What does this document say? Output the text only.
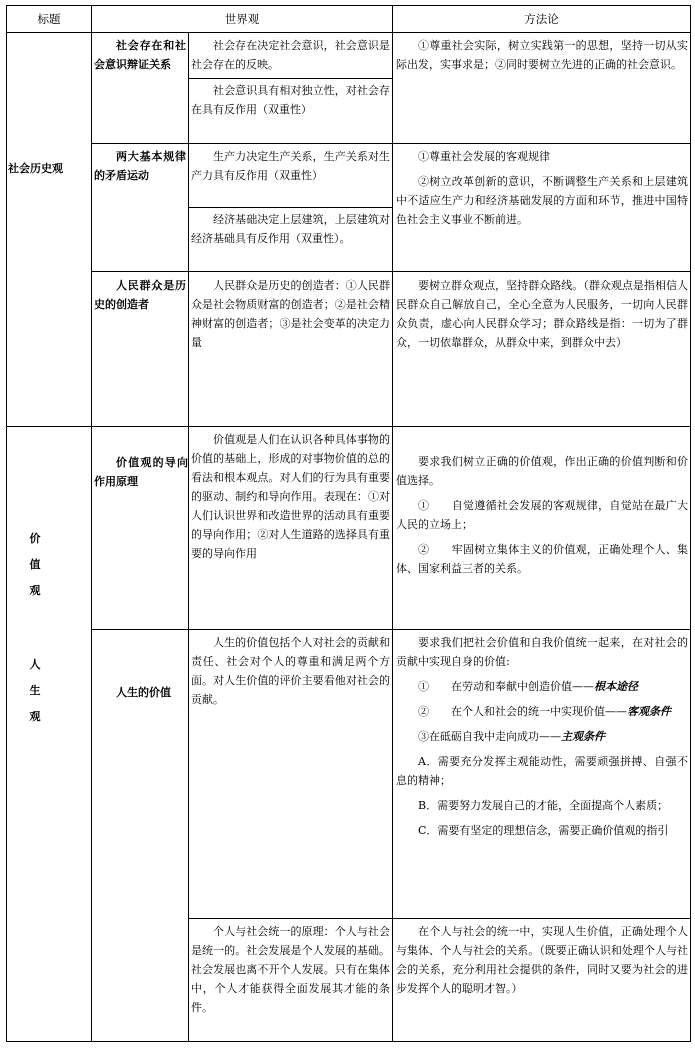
标题	世界观	方法论
社会历史观

社会存在和社会意识辩证关系

社会存在决定社会意识，社会意识是社会存在的反映。

社会意识具有相对独立性，对社会存在具有反作用（双重性）

①尊重社会实际，树立实践第一的思想，坚持一切从实际出发，实事求是；②同时要树立先进的正确的社会意识。

两大基本规律的矛盾运动

生产力决定生产关系，生产关系对生产力具有反作用（双重性）

经济基础决定上层建筑，上层建筑对经济基础具有反作用（双重性）。

①尊重社会发展的客观规律

②树立改革创新的意识，不断调整生产关系和上层建筑中不适应生产力和经济基础发展的方面和环节，推进中国特色社会主义事业不断前进。

人民群众是历史的创造者

人民群众是历史的创造者：①人民群众是社会物质财富的创造者；②是社会精神财富的创造者；③是社会变革的决定力量

要树立群众观点，坚持群众路线。（群众观点是指相信人民群众自己解放自己，全心全意为人民服务，一切向人民群众负责，虚心向人民群众学习；群众路线是指：一切为了群众，一切依靠群众，从群众中来，到群众中去）

价
值
观
人
生
观

价值观的导向作用原理

价值观是人们在认识各种具体事物的价值的基础上，形成的对事物价值的总的看法和根本观点。对人们的行为具有重要的驱动、制约和导向作用。表现在：①对人们认识世界和改造世界的活动具有重要的导向作用；②对人生道路的选择具有重要的导向作用

要求我们树立正确的价值观，作出正确的价值判断和价值选择。

①　　自觉遵循社会发展的客观规律，自觉站在最广大人民的立场上；

②　　牢固树立集体主义的价值观，正确处理个人、集体、国家利益三者的关系。

人生的价值

人生的价值包括个人对社会的贡献和责任、社会对个人的尊重和满足两个方面。对人生价值的评价主要看他对社会的贡献。

要求我们把社会价值和自我价值统一起来，在对社会的贡献中实现自身的价值:

①　　在劳动和奉献中创造价值——根本途径

②　　在个人和社会的统一中实现价值——客观条件

③在砥砺自我中走向成功——主观条件

A．需要充分发挥主观能动性，需要顽强拼搏、自强不息的精神；

B．需要努力发展自己的才能，全面提高个人素质；

C．需要有坚定的理想信念，需要正确价值观的指引

个人与社会统一的原理：个人与社会是统一的。社会发展是个人发展的基础。社会发展也离不开个人发展。只有在集体中，个人才能获得全面发展其才能的条件。

在个人与社会的统一中，实现人生价值，正确处理个人与集体、个人与社会的关系。（既要正确认识和处理个人与社会的关系，充分利用社会提供的条件，同时又要为社会的进步发挥个人的聪明才智。）
